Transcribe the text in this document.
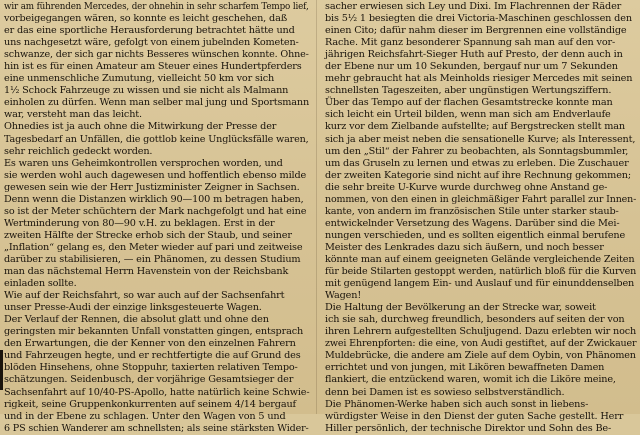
wir am führenden Mercedes, der ohnehin in sehr scharfem Tempo lief,
vorbeigegangen wären, so konnte es leicht geschehen, daß
er das eine sportliche Herausforderung betrachtet hätte und
uns nachgesetzt wäre, gefolgt von einem jubelnden Kometen-
schwanze, der sich gar nichts Besseres wünschen konnte. Ohne-
hin ist es für einen Amateur am Steuer eines Hundertpferders
eine unmenschliche Zumutung, vielleicht 50 km vor sich
1½ Schock Fahrzeuge zu wissen und sie nicht als Malmann
einholen zu dürfen. Wenn man selber mal jung und Sportsmann
war, versteht man das leicht.
Ohnedies ist ja auch ohne die Mitwirkung der Presse der
Tagesbedarf an Unfällen, die gottlob keine Unglücksfälle waren,
sehr reichlich gedeckt worden.
Es waren uns Geheimkontrollen versprochen worden, und
sie werden wohl auch dagewesen und hoffentlich ebenso milde
gewesen sein wie der Herr Justizminister Zeigner in Sachsen.
Denn wenn die Distanzen wirklich 90—100 m betragen haben,
so ist der Meter schüchtern der Mark nachgefolgt und hat eine
Wertminderung von 80—90 v.H. zu beklagen. Erst in der
zweiten Hälfte der Strecke erhob sich der Staub, und seiner
„Inflation“ gelang es, den Meter wieder auf pari und zeitweise
darüber zu stabilisieren, — ein Phänomen, zu dessen Studium
man das nächstemal Herrn Havenstein von der Reichsbank
einladen sollte.
Wie auf der Reichsfahrt, so war auch auf der Sachsenfahrt
unser Presse-Audi der einzige linksgesteuerte Wagen.
Der Verlauf der Rennen, die absolut glatt und ohne den
geringsten mir bekannten Unfall vonstatten gingen, entsprach
den Erwartungen, die der Kenner von den einzelnen Fahrern
und Fahrzeugen hegte, und er rechtfertigte die auf Grund des
blöden Hinsehens, ohne Stoppuhr, taxierten relativen Tempo-
schätzungen. Seidenbusch, der vorjährige Gesamtsieger der
Sachsenfahrt auf 10/40-PS-Apollo, hatte natürlich keine Schwie-
rigkeit, seine Gruppenkonkurrenten auf seinem 4/14 bergauf
und in der Ebene zu schlagen. Unter den Wagen von 5 und
6 PS schien Wanderer am schnellsten; als seine stärksten Wider-
sacher erwiesen sich Ley und Dixi. Im Flachrennen der Räder
bis 5½ 1 besiegten die drei Victoria-Maschinen geschlossen den
einen Cito; dafür nahm dieser im Bergrennen eine vollständige
Rache. Mit ganz besonderer Spannung sah man auf den vor-
jährigen Reichsfahrt-Sieger Huth auf Presto, der denn auch in
der Ebene nur um 10 Sekunden, bergauf nur um 7 Sekunden
mehr gebraucht hat als Meinholds riesiger Mercedes mit seinen
schnellsten Tageszeiten, aber ungünstigen Wertungsziffern.
Über das Tempo auf der flachen Gesamtstrecke konnte man
sich leicht ein Urteil bilden, wenn man sich am Endverlaufe
kurz vor dem Zielbande aufstellte; auf Bergstrecken stellt man
sich ja aber meist neben die sensationelle Kurve; als Interessent,
um den „Stil“ der Fahrer zu beobachten, als Sonntagsbummler,
um das Gruseln zu lernen und etwas zu erleben. Die Zuschauer
der zweiten Kategorie sind nicht auf ihre Rechnung gekommen;
die sehr breite U-Kurve wurde durchweg ohne Anstand ge-
nommen, von den einen in gleichmäßiger Fahrt parallel zur Innen-
kante, von andern im französischen Stile unter starker staub-
entwickelnder Versetzung des Wagens. Darüber sind die Mei-
nungen verschieden, und es sollten eigentlich einmal berufene
Meister des Lenkrades dazu sich äußern, und noch besser
könnte man auf einem geeigneten Gelände vergleichende Zeiten
für beide Stilarten gestoppt werden, natürlich bloß für die Kurven
mit genügend langem Ein- und Auslauf und für einunddenselben
Wagen!
Die Haltung der Bevölkerung an der Strecke war, soweit
ich sie sah, durchweg freundlich, besonders auf seiten der von
ihren Lehrern aufgestellten Schuljugend. Dazu erlebten wir noch
zwei Ehrenpforten: die eine, von Audi gestiftet, auf der Zwickauer
Muldebrücke, die andere am Ziele auf dem Oybin, von Phänomen
errichtet und von jungen, mit Likören bewaffneten Damen
flankiert, die entzückend waren, womit ich die Liköre meine,
denn bei Damen ist es sowieso selbstverständlich.
Die Phänomen-Werke haben sich auch sonst in liebens-
würdigster Weise in den Dienst der guten Sache gestellt. Herr
Hiller persönlich, der technische Direktor und Sohn des Be-
